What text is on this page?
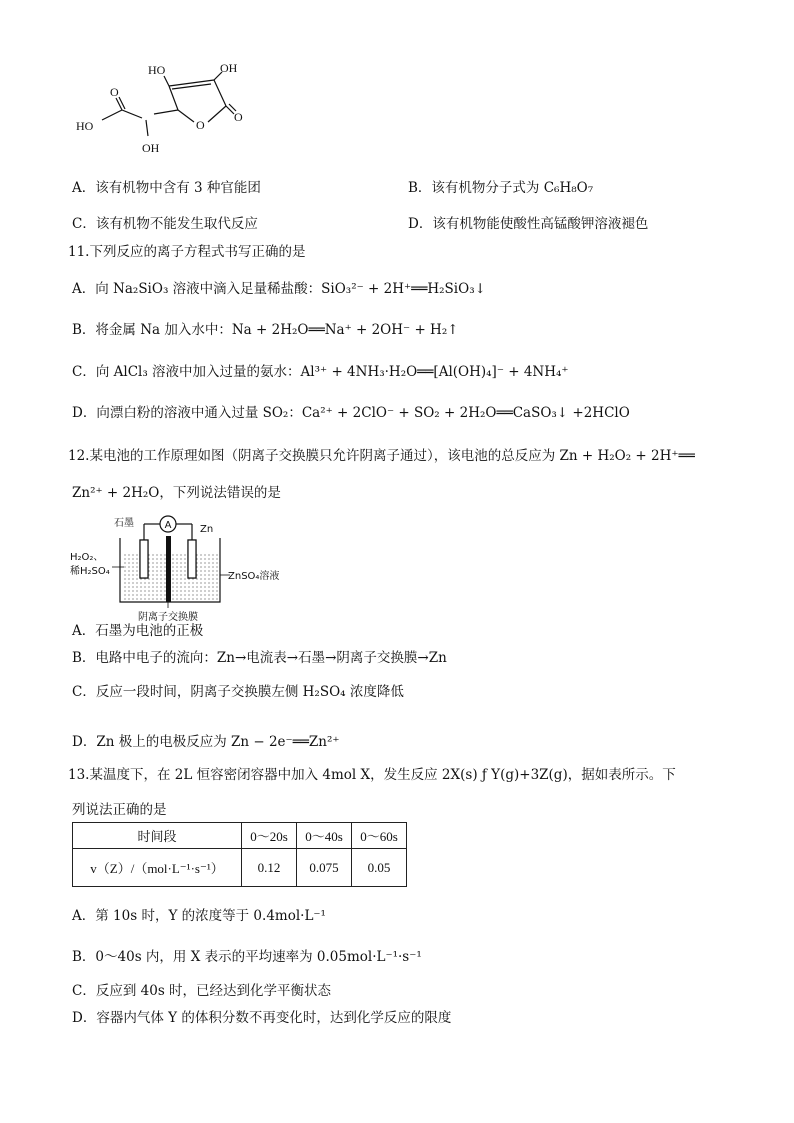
HO	OH
O
O
O
HO
OH
A．该有机物中含有 3 种官能团	B．该有机物分子式为 C₆H₈O₇
C．该有机物不能发生取代反应	D．该有机物能使酸性高锰酸钾溶液褪色
11.下列反应的离子方程式书写正确的是
A．向 Na₂SiO₃ 溶液中滴入足量稀盐酸：SiO₃²⁻ + 2H⁺══H₂SiO₃↓
B．将金属 Na 加入水中：Na + 2H₂O══Na⁺ + 2OH⁻ + H₂↑
C．向 AlCl₃ 溶液中加入过量的氨水：Al³⁺ + 4NH₃·H₂O══[Al(OH)₄]⁻ + 4NH₄⁺
D．向漂白粉的溶液中通入过量 SO₂：Ca²⁺ + 2ClO⁻ + SO₂ + 2H₂O══CaSO₃↓ +2HClO
12.某电池的工作原理如图（阴离子交换膜只允许阴离子通过），该电池的总反应为 Zn + H₂O₂ + 2H⁺══
Zn²⁺ + 2H₂O，下列说法错误的是
A
石墨
Zn
H₂O₂、
稀H₂SO₄	ZnSO₄溶液
阴离子交换膜
A．石墨为电池的正极
B．电路中电子的流向：Zn→电流表→石墨→阴离子交换膜→Zn
C．反应一段时间，阴离子交换膜左侧 H₂SO₄ 浓度降低
D．Zn 极上的电极反应为 Zn − 2e⁻══Zn²⁺
13.某温度下，在 2L 恒容密闭容器中加入 4mol X，发生反应 2X(s) ƒ Y(g)+3Z(g)，据如表所示。下
列说法正确的是
时间段	0～20s	0～40s	0～60s
v（Z）/（mol·L⁻¹·s⁻¹）	0.12	0.075	0.05
A．第 10s 时，Y 的浓度等于 0.4mol·L⁻¹
B．0～40s 内，用 X 表示的平均速率为 0.05mol·L⁻¹·s⁻¹
C．反应到 40s 时，已经达到化学平衡状态
D．容器内气体 Y 的体积分数不再变化时，达到化学反应的限度
